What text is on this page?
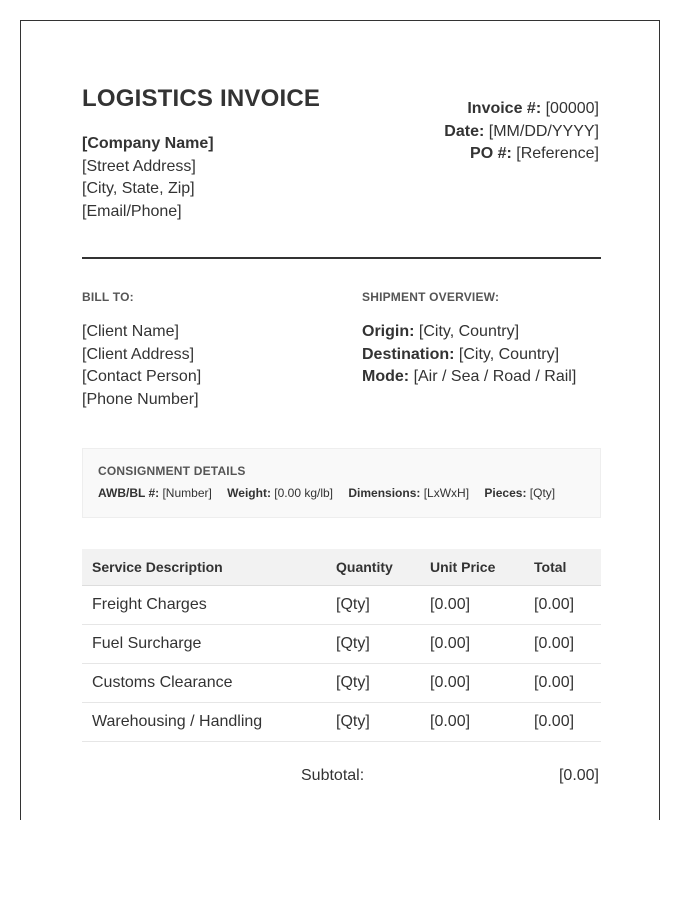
LOGISTICS INVOICE
[Company Name]
[Street Address]
[City, State, Zip]
[Email/Phone]
Invoice #: [00000]
Date: [MM/DD/YYYY]
PO #: [Reference]
BILL TO:	SHIPMENT OVERVIEW:
[Client Name]
[Client Address]
[Contact Person]
[Phone Number]
Origin: [City, Country]
Destination: [City, Country]
Mode: [Air / Sea / Road / Rail]
CONSIGNMENT DETAILS
AWB/BL #: [Number] Weight: [0.00 kg/lb] Dimensions: [LxWxH] Pieces: [Qty]
Service Description	Quantity	Unit Price	Total
Freight Charges	[Qty]	[0.00]	[0.00]
Fuel Surcharge	[Qty]	[0.00]	[0.00]
Customs Clearance	[Qty]	[0.00]	[0.00]
Warehousing / Handling	[Qty]	[0.00]	[0.00]
Subtotal:	[0.00]
